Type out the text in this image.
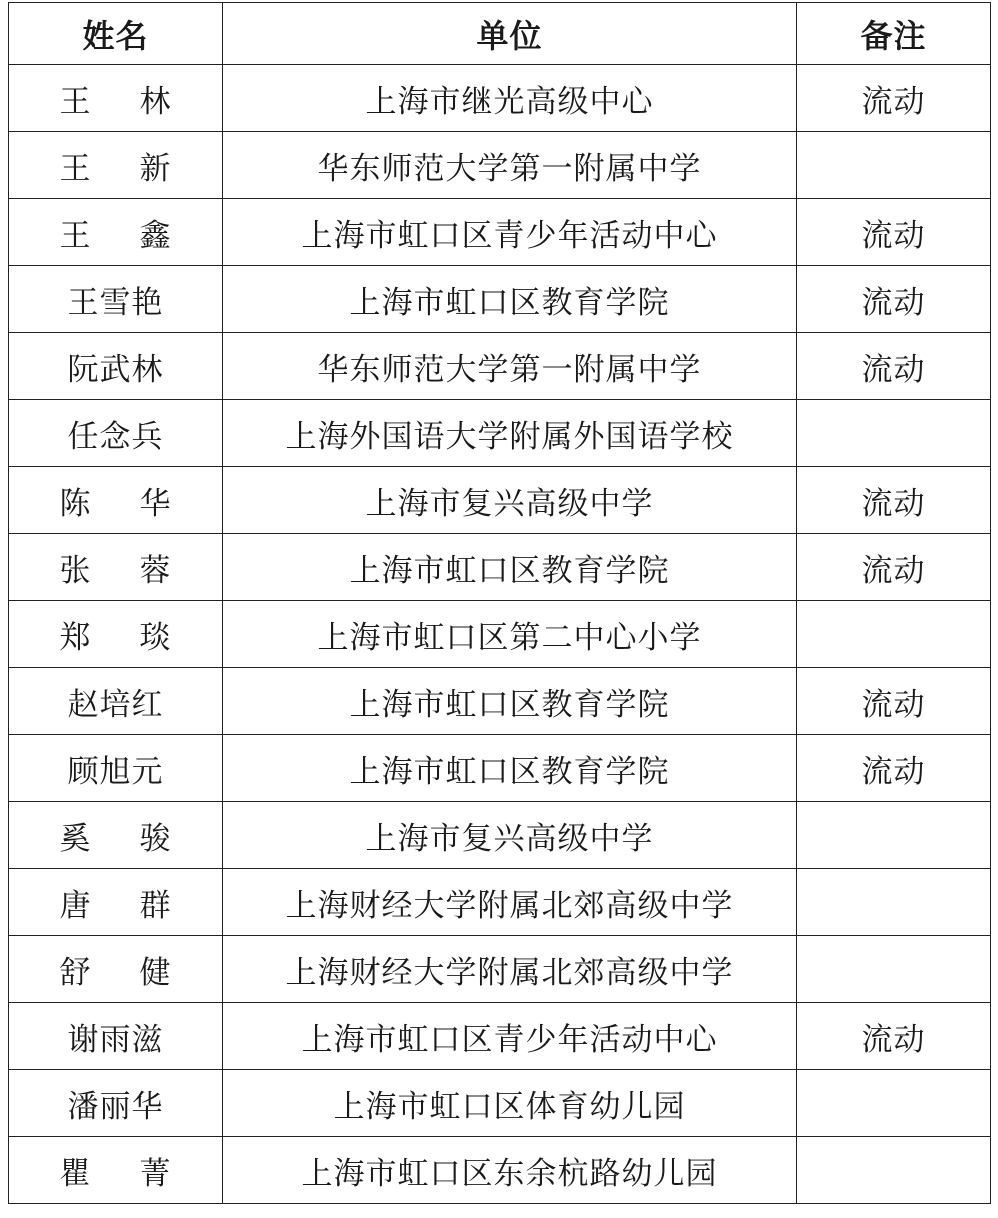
姓名	单位	备注
王 林	上海市继光高级中心	流动
王 新	华东师范大学第一附属中学	
王 鑫	上海市虹口区青少年活动中心	流动
王雪艳	上海市虹口区教育学院	流动
阮武林	华东师范大学第一附属中学	流动
任念兵	上海外国语大学附属外国语学校	
陈 华	上海市复兴高级中学	流动
张 蓉	上海市虹口区教育学院	流动
郑 琰	上海市虹口区第二中心小学	
赵培红	上海市虹口区教育学院	流动
顾旭元	上海市虹口区教育学院	流动
奚 骏	上海市复兴高级中学	
唐 群	上海财经大学附属北郊高级中学	
舒 健	上海财经大学附属北郊高级中学	
谢雨滋	上海市虹口区青少年活动中心	流动
潘丽华	上海市虹口区体育幼儿园	
瞿 菁	上海市虹口区东余杭路幼儿园	
